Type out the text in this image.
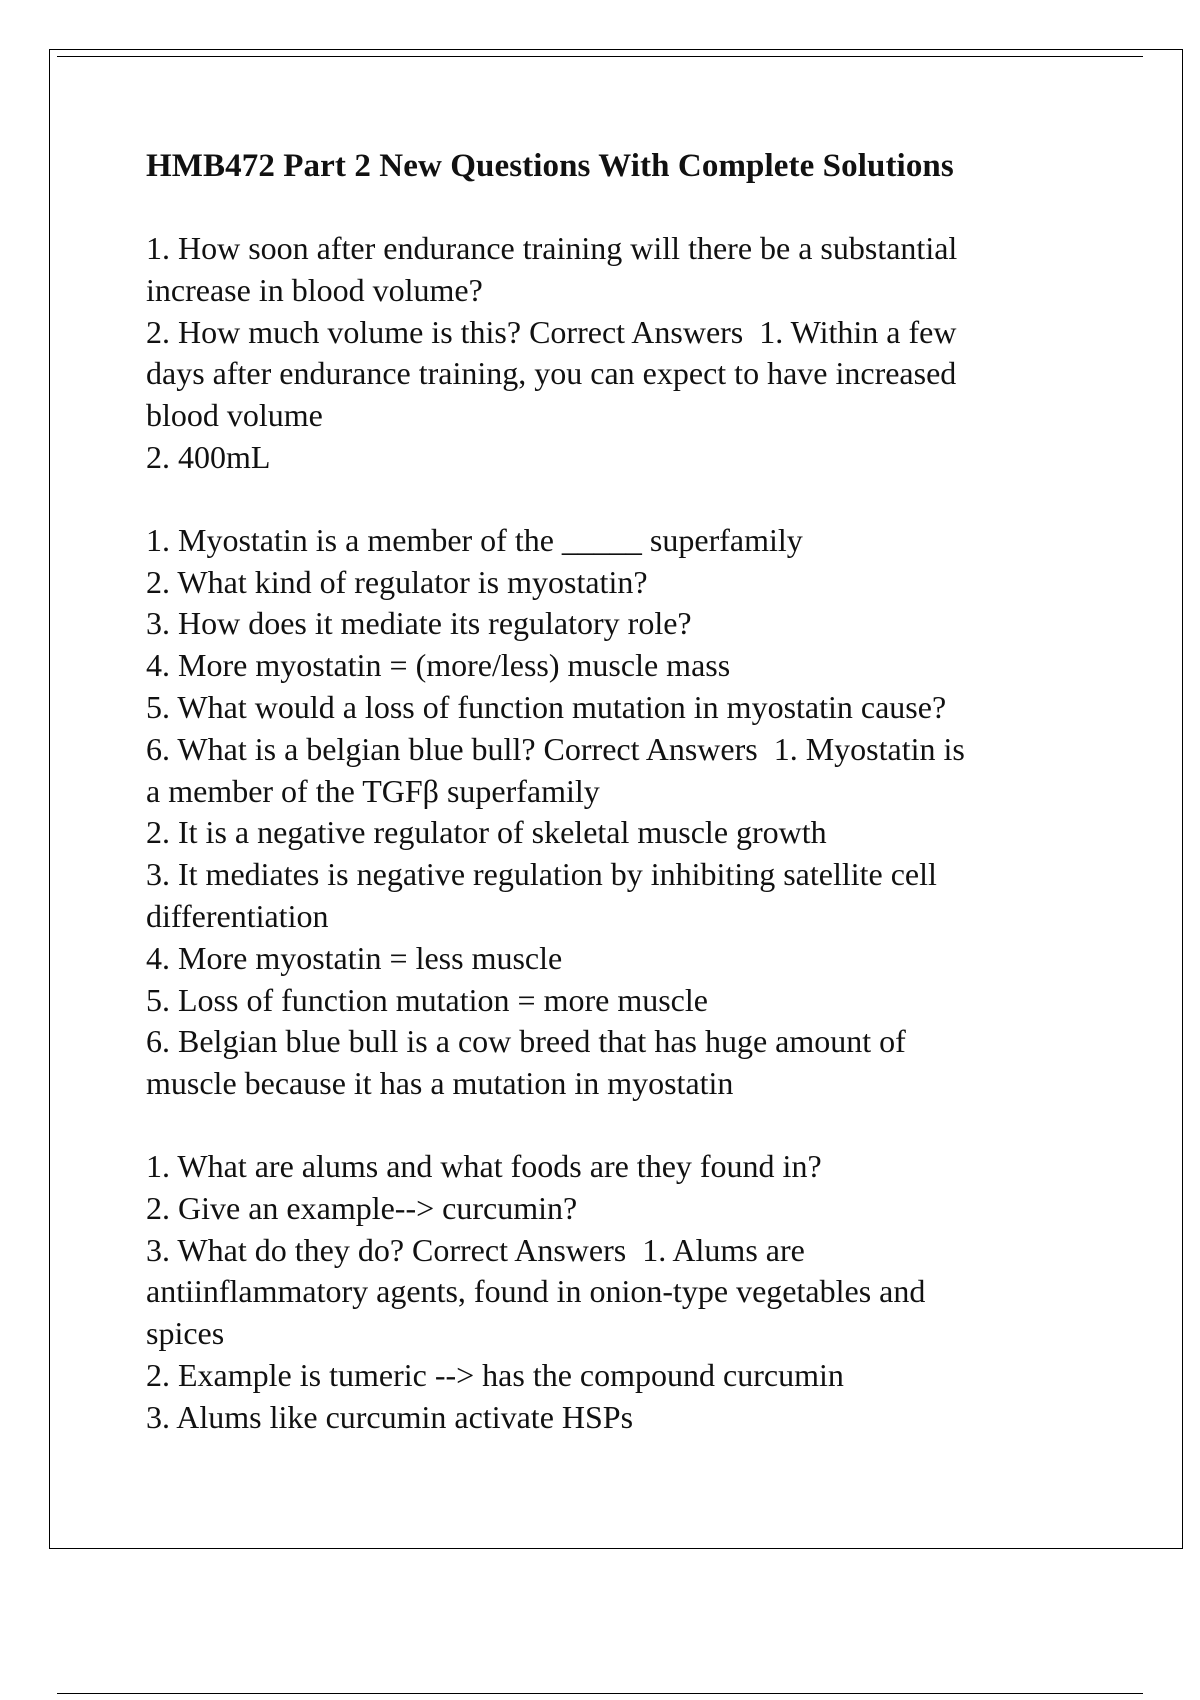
HMB472 Part 2 New Questions With Complete Solutions
1. How soon after endurance training will there be a substantial
increase in blood volume?
2. How much volume is this? Correct Answers  1. Within a few
days after endurance training, you can expect to have increased
blood volume
2. 400mL
1. Myostatin is a member of the _____ superfamily
2. What kind of regulator is myostatin?
3. How does it mediate its regulatory role?
4. More myostatin = (more/less) muscle mass
5. What would a loss of function mutation in myostatin cause?
6. What is a belgian blue bull? Correct Answers  1. Myostatin is
a member of the TGFβ superfamily
2. It is a negative regulator of skeletal muscle growth
3. It mediates is negative regulation by inhibiting satellite cell
differentiation
4. More myostatin = less muscle
5. Loss of function mutation = more muscle
6. Belgian blue bull is a cow breed that has huge amount of
muscle because it has a mutation in myostatin
1. What are alums and what foods are they found in?
2. Give an example--> curcumin?
3. What do they do? Correct Answers  1. Alums are
antiinflammatory agents, found in onion-type vegetables and
spices
2. Example is tumeric --> has the compound curcumin
3. Alums like curcumin activate HSPs
